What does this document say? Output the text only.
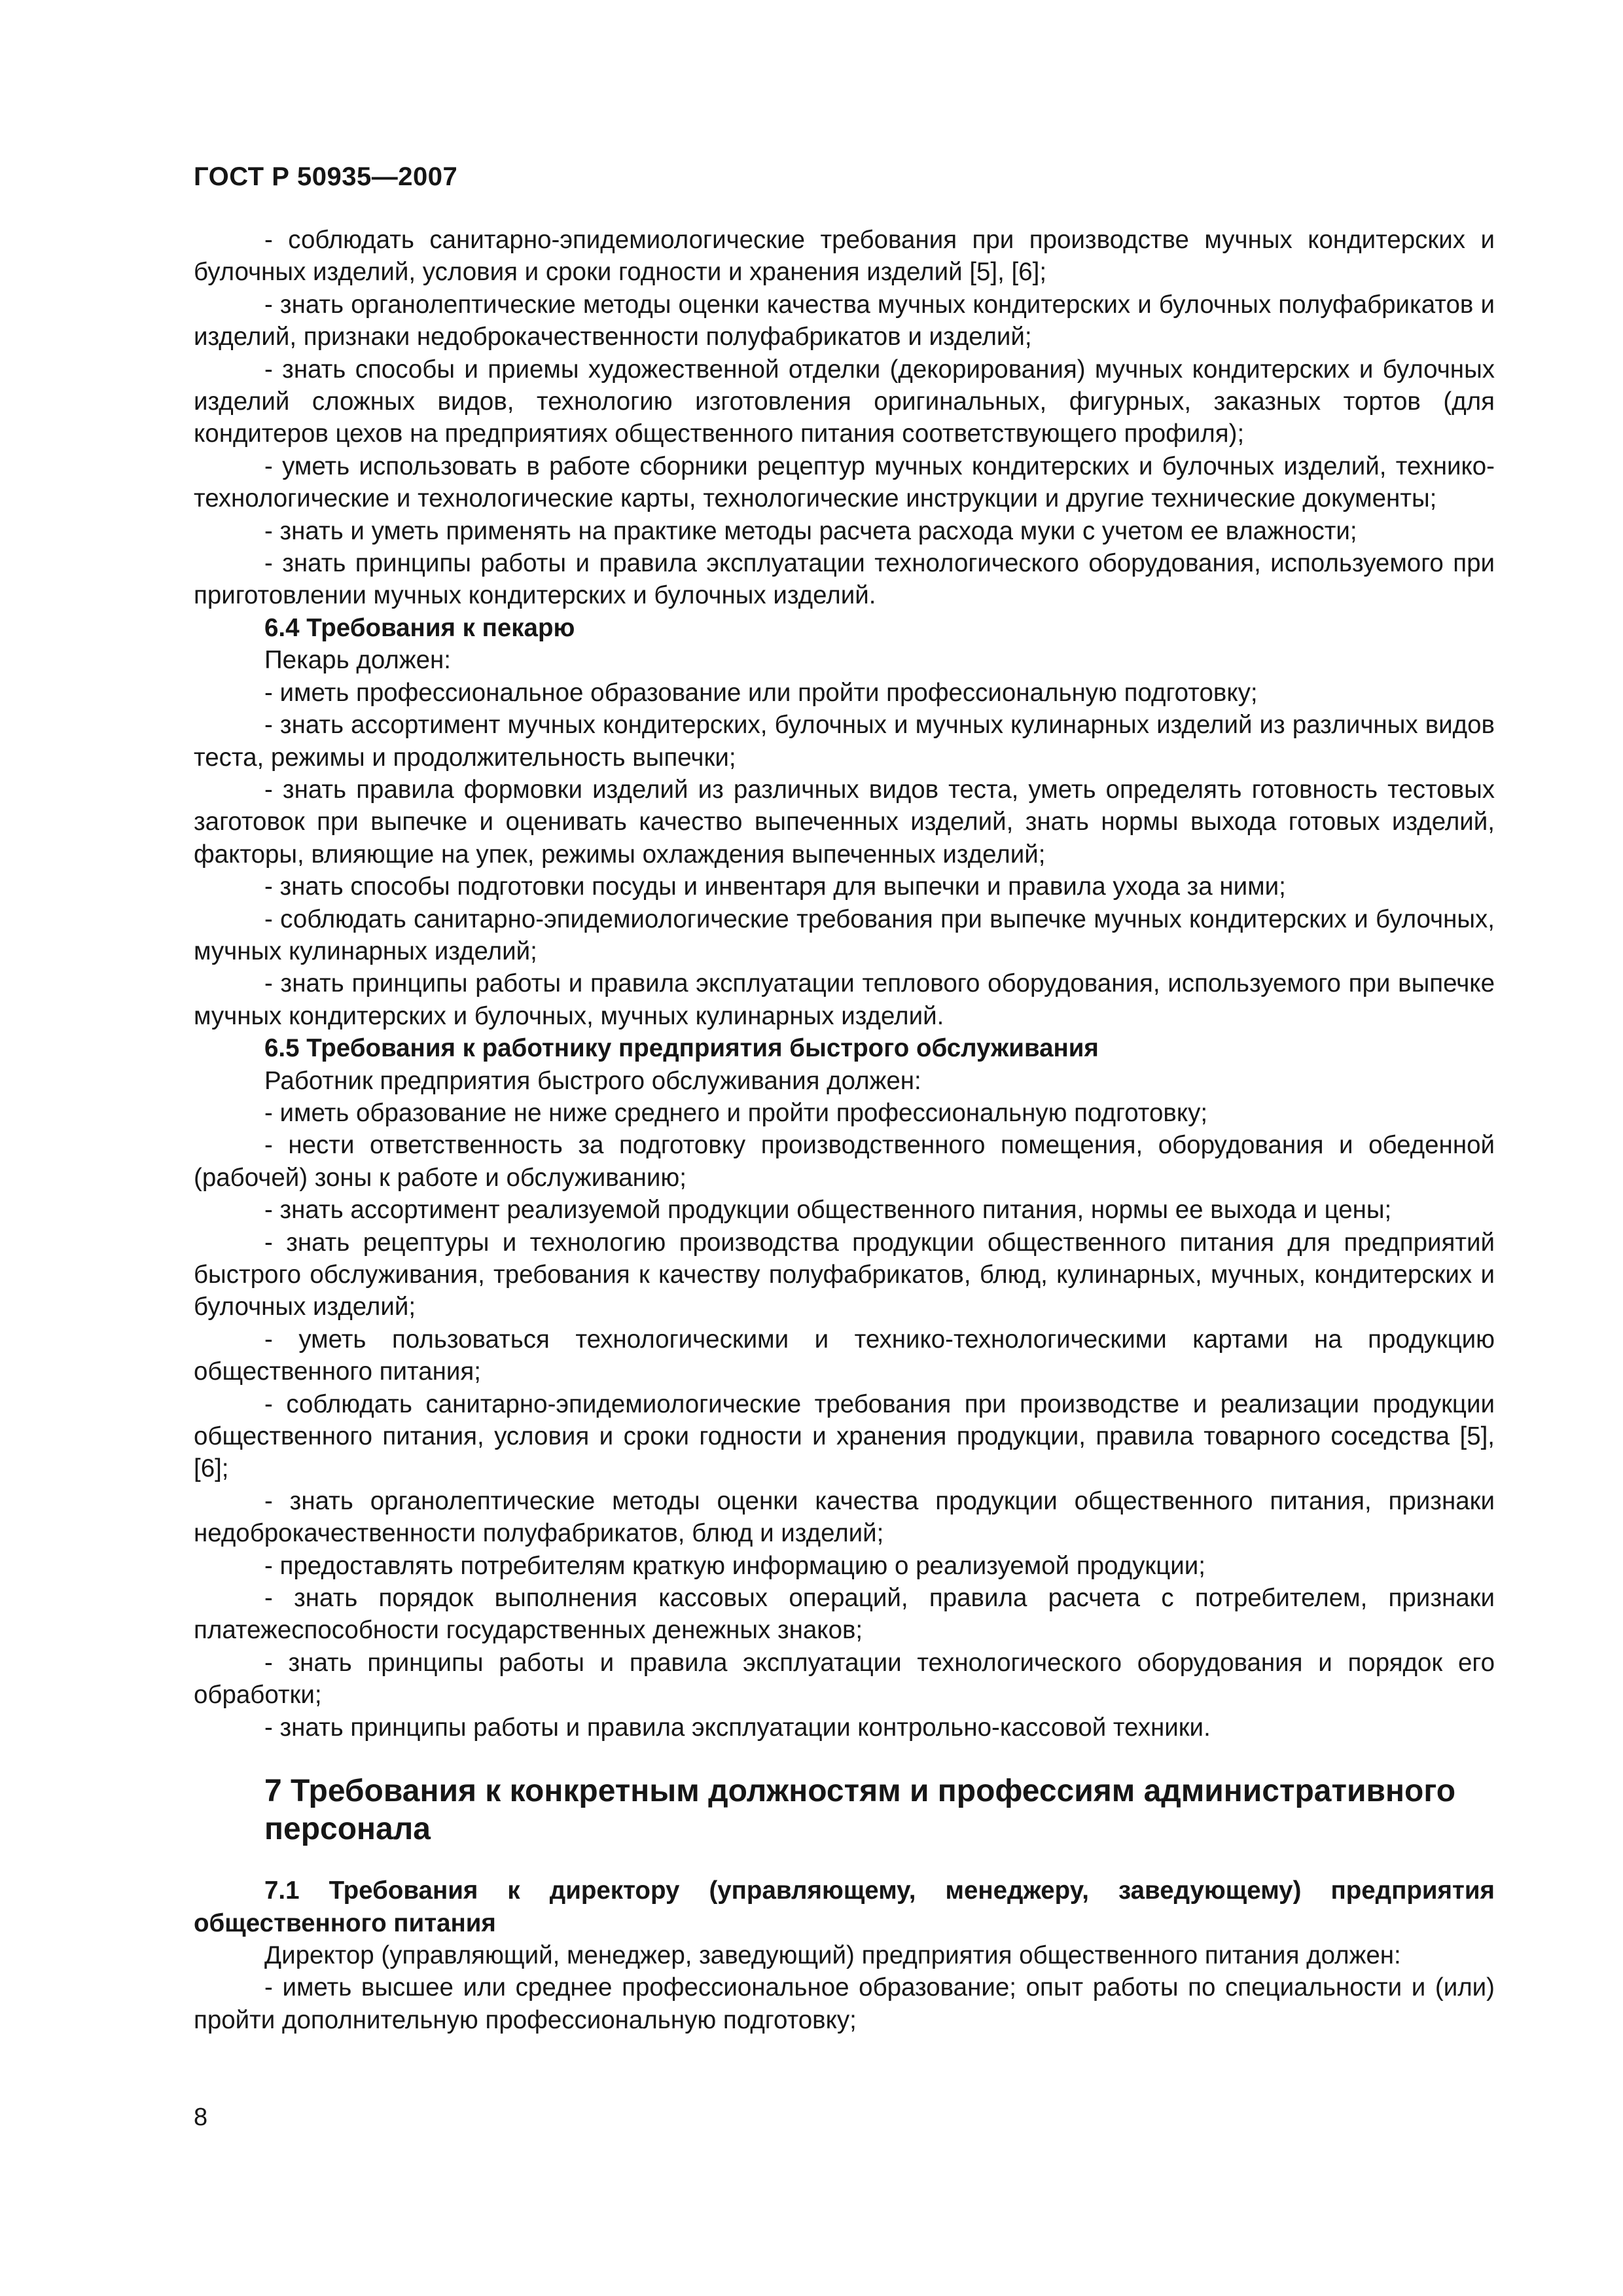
ГОСТ Р 50935—2007

- соблюдать санитарно-эпидемиологические требования при производстве мучных кондитерских и булочных изделий, условия и сроки годности и хранения изделий [5], [6];

- знать органолептические методы оценки качества мучных кондитерских и булочных полуфабрикатов и изделий, признаки недоброкачественности полуфабрикатов и изделий;

- знать способы и приемы художественной отделки (декорирования) мучных кондитерских и булочных изделий сложных видов, технологию изготовления оригинальных, фигурных, заказных тортов (для кондитеров цехов на предприятиях общественного питания соответствующего профиля);

- уметь использовать в работе сборники рецептур мучных кондитерских и булочных изделий, технико-технологические и технологические карты, технологические инструкции и другие технические документы;

- знать и уметь применять на практике методы расчета расхода муки с учетом ее влажности;

- знать принципы работы и правила эксплуатации технологического оборудования, используемого при приготовлении мучных кондитерских и булочных изделий.

6.4 Требования к пекарю

Пекарь должен:

- иметь профессиональное образование или пройти профессиональную подготовку;

- знать ассортимент мучных кондитерских, булочных и мучных кулинарных изделий из различных видов теста, режимы и продолжительность выпечки;

- знать правила формовки изделий из различных видов теста, уметь определять готовность тестовых заготовок при выпечке и оценивать качество выпеченных изделий, знать нормы выхода готовых изделий, факторы, влияющие на упек, режимы охлаждения выпеченных изделий;

- знать способы подготовки посуды и инвентаря для выпечки и правила ухода за ними;

- соблюдать санитарно-эпидемиологические требования при выпечке мучных кондитерских и булочных, мучных кулинарных изделий;

- знать принципы работы и правила эксплуатации теплового оборудования, используемого при выпечке мучных кондитерских и булочных, мучных кулинарных изделий.

6.5 Требования к работнику предприятия быстрого обслуживания

Работник предприятия быстрого обслуживания должен:

- иметь образование не ниже среднего и пройти профессиональную подготовку;

- нести ответственность за подготовку производственного помещения, оборудования и обеденной (рабочей) зоны к работе и обслуживанию;

- знать ассортимент реализуемой продукции общественного питания, нормы ее выхода и цены;

- знать рецептуры и технологию производства продукции общественного питания для предприятий быстрого обслуживания, требования к качеству полуфабрикатов, блюд, кулинарных, мучных, кондитерских и булочных изделий;

- уметь пользоваться технологическими и технико-технологическими картами на продукцию общественного питания;

- соблюдать санитарно-эпидемиологические требования при производстве и реализации продукции общественного питания, условия и сроки годности и хранения продукции, правила товарного соседства [5], [6];

- знать органолептические методы оценки качества продукции общественного питания, признаки недоброкачественности полуфабрикатов, блюд и изделий;

- предоставлять потребителям краткую информацию о реализуемой продукции;

- знать порядок выполнения кассовых операций, правила расчета с потребителем, признаки платежеспособности государственных денежных знаков;

- знать принципы работы и правила эксплуатации технологического оборудования и порядок его обработки;

- знать принципы работы и правила эксплуатации контрольно-кассовой техники.

7 Требования к конкретным должностям и профессиям административного персонала

7.1 Требования к директору (управляющему, менеджеру, заведующему) предприятия общественного питания

Директор (управляющий, менеджер, заведующий) предприятия общественного питания должен:

- иметь высшее или среднее профессиональное образование; опыт работы по специальности и (или) пройти дополнительную профессиональную подготовку;

8
